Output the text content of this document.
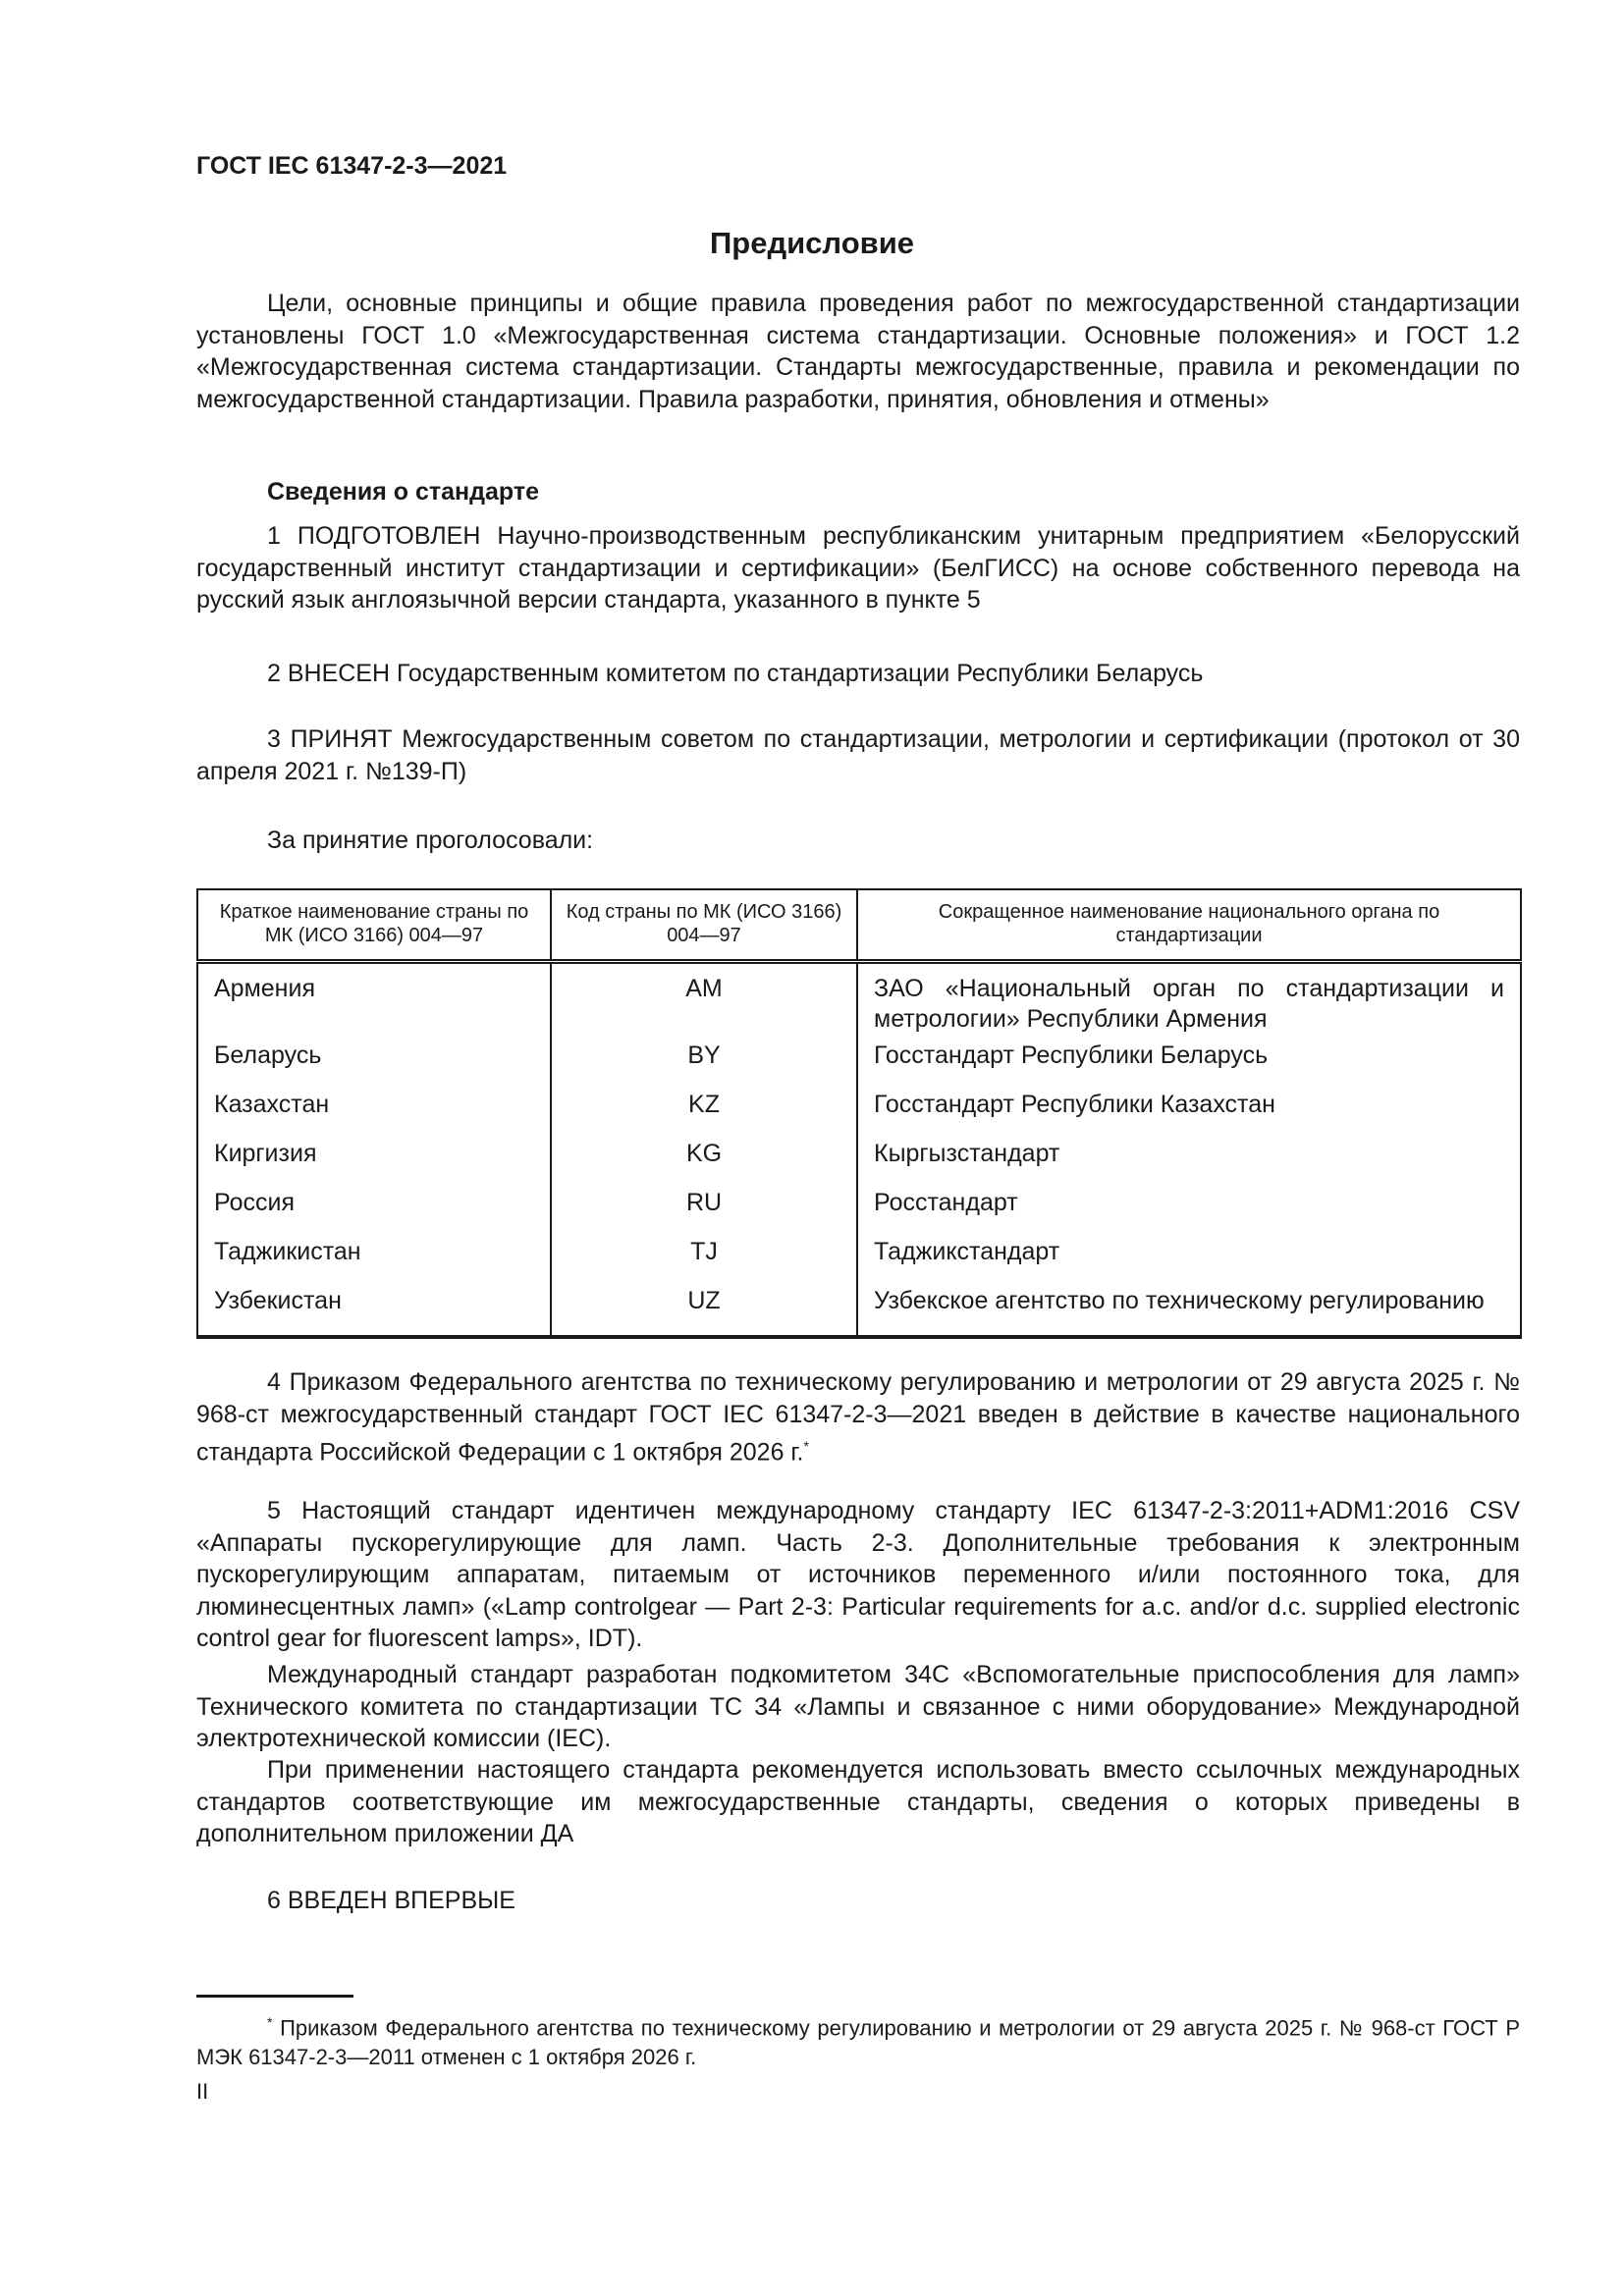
ГОСТ IEC 61347-2-3—2021
Предисловие
Цели, основные принципы и общие правила проведения работ по межгосударственной стандартизации установлены ГОСТ 1.0 «Межгосударственная система стандартизации. Основные положения» и ГОСТ 1.2 «Межгосударственная система стандартизации. Стандарты межгосударственные, правила и рекомендации по межгосударственной стандартизации. Правила разработки, принятия, обновления и отмены»
Сведения о стандарте
1 ПОДГОТОВЛЕН Научно-производственным республиканским унитарным предприятием «Белорусский государственный институт стандартизации и сертификации» (БелГИСС) на основе собственного перевода на русский язык англоязычной версии стандарта, указанного в пункте 5
2 ВНЕСЕН Государственным комитетом по стандартизации Республики Беларусь
3 ПРИНЯТ Межгосударственным советом по стандартизации, метрологии и сертификации (протокол от 30 апреля 2021 г. №139-П)
За принятие проголосовали:
Краткое наименование страны по МК (ИСО 3166) 004—97	Код страны по МК (ИСО 3166) 004—97	Сокращенное наименование национального органа по стандартизации
Армения	AM	ЗАО «Национальный орган по стандартизации и метрологии» Республики Армения
Беларусь	BY	Госстандарт Республики Беларусь
Казахстан	KZ	Госстандарт Республики Казахстан
Киргизия	KG	Кыргызстандарт
Россия	RU	Росстандарт
Таджикистан	TJ	Таджикстандарт
Узбекистан	UZ	Узбекское агентство по техническому регулированию
4 Приказом Федерального агентства по техническому регулированию и метрологии от 29 августа 2025 г. № 968-ст межгосударственный стандарт ГОСТ IEC 61347-2-3—2021 введен в действие в качестве национального стандарта Российской Федерации с 1 октября 2026 г.*
5 Настоящий стандарт идентичен международному стандарту IEC 61347-2-3:2011+ADM1:2016 CSV «Аппараты пускорегулирующие для ламп. Часть 2-3. Дополнительные требования к электронным пускорегулирующим аппаратам, питаемым от источников переменного и/или постоянного тока, для люминесцентных ламп» («Lamp controlgear — Part 2-3: Particular requirements for a.c. and/or d.c. supplied electronic control gear for fluorescent lamps», IDT).
Международный стандарт разработан подкомитетом 34С «Вспомогательные приспособления для ламп» Технического комитета по стандартизации ТС 34 «Лампы и связанное с ними оборудование» Международной электротехнической комиссии (IEC).
При применении настоящего стандарта рекомендуется использовать вместо ссылочных международных стандартов соответствующие им межгосударственные стандарты, сведения о которых приведены в дополнительном приложении ДА
6 ВВЕДЕН ВПЕРВЫЕ
* Приказом Федерального агентства по техническому регулированию и метрологии от 29 августа 2025 г. № 968-ст ГОСТ Р МЭК 61347-2-3—2011 отменен с 1 октября 2026 г.
II
